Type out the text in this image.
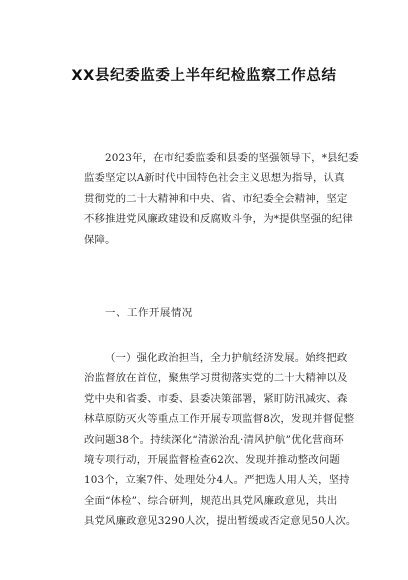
XX县纪委监委上半年纪检监察工作总结
2023年，在市纪委监委和县委的坚强领导下，*县纪委
监委坚定以A新时代中国特色社会主义思想为指导，认真
贯彻党的二十大精神和中央、省、市纪委全会精神，坚定
不移推进党风廉政建设和反腐败斗争，为*提供坚强的纪律
保障。
一、工作开展情况
（一）强化政治担当，全力护航经济发展。始终把政
治监督放在首位，聚焦学习贯彻落实党的二十大精神以及
党中央和省委、市委、县委决策部署，紧盯防汛减灾、森
林草原防灭火等重点工作开展专项监督8次，发现并督促整
改问题38个。持续深化“清淤治乱·清风护航”优化营商环
境专项行动，开展监督检查62次、发现并推动整改问题
103个，立案7件、处理处分4人。严把选人用人关，坚持
全面“体检”、综合研判，规范出具党风廉政意见，共出
具党风廉政意见3290人次，提出暂缓或否定意见50人次。
